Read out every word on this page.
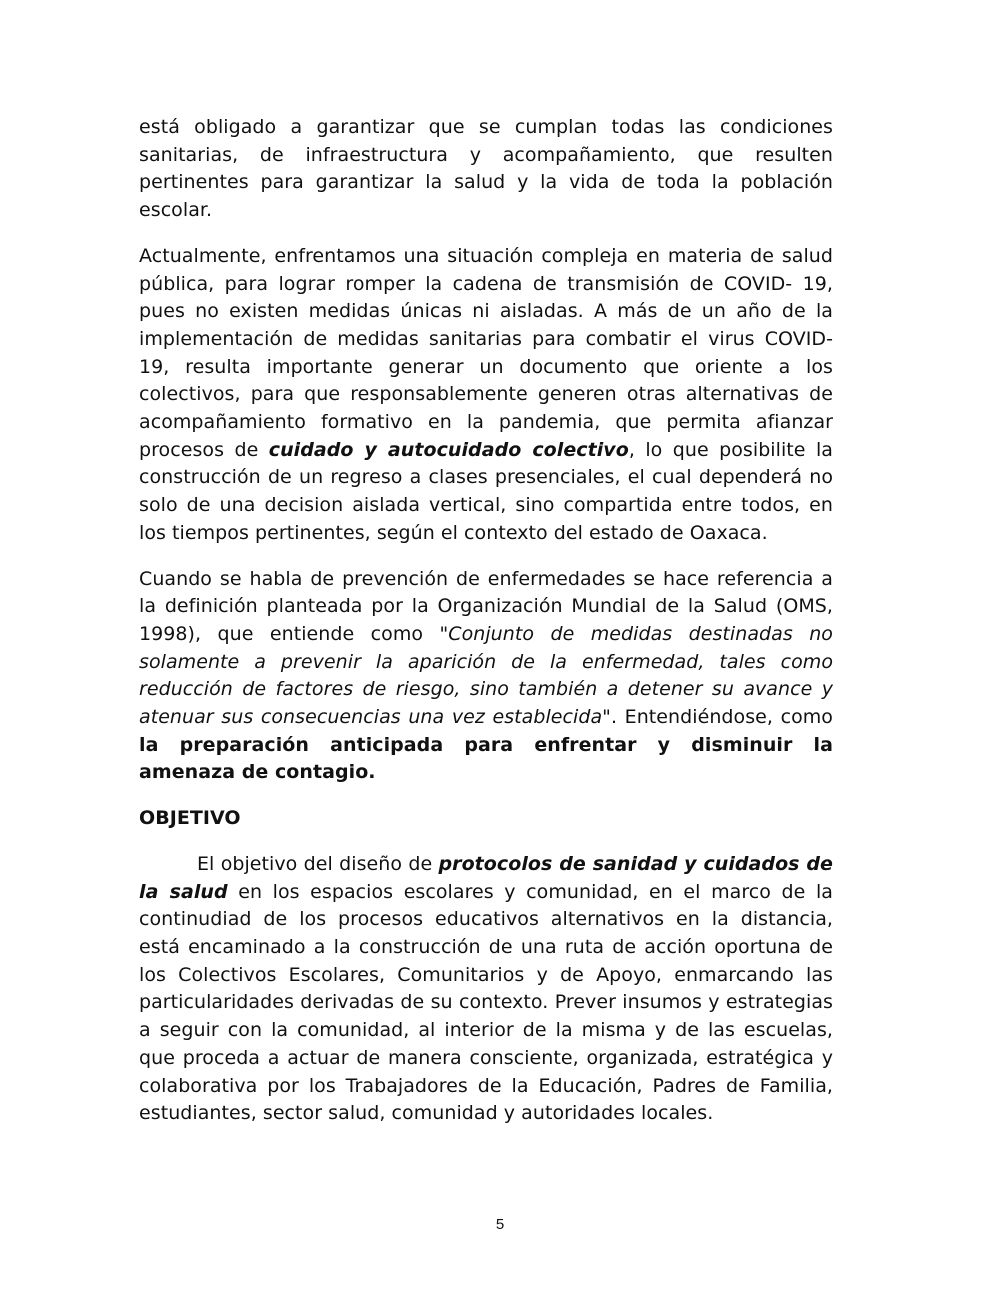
está obligado a garantizar que se cumplan todas las condiciones sanitarias, de infraestructura y acompañamiento, que resulten pertinentes para garantizar la salud y la vida de toda la población escolar.

Actualmente, enfrentamos una situación compleja en materia de salud pública, para lograr romper la cadena de transmisión de COVID- 19, pues no existen medidas únicas ni aisladas. A más de un año de la implementación de medidas sanitarias para combatir el virus COVID- 19, resulta importante generar un documento que oriente a los colectivos, para que responsablemente generen otras alternativas de acompañamiento formativo en la pandemia, que permita afianzar procesos de cuidado y autocuidado colectivo, lo que posibilite la construcción de un regreso a clases presenciales, el cual dependerá no solo de una decision aislada vertical, sino compartida entre todos, en los tiempos pertinentes, según el contexto del estado de Oaxaca.

Cuando se habla de prevención de enfermedades se hace referencia a la definición planteada por la Organización Mundial de la Salud (OMS, 1998), que entiende como "Conjunto de medidas destinadas no solamente a prevenir la aparición de la enfermedad, tales como reducción de factores de riesgo, sino también a detener su avance y atenuar sus consecuencias una vez establecida". Entendiéndose, como la preparación anticipada para enfrentar y disminuir la amenaza de contagio.

OBJETIVO

El objetivo del diseño de protocolos de sanidad y cuidados de la salud en los espacios escolares y comunidad, en el marco de la continudiad de los procesos educativos alternativos en la distancia, está encaminado a la construcción de una ruta de acción oportuna de los Colectivos Escolares, Comunitarios y de Apoyo, enmarcando las particularidades derivadas de su contexto. Prever insumos y estrategias a seguir con la comunidad, al interior de la misma y de las escuelas, que proceda a actuar de manera consciente, organizada, estratégica y colaborativa por los Trabajadores de la Educación, Padres de Familia, estudiantes, sector salud, comunidad y autoridades locales.

5
